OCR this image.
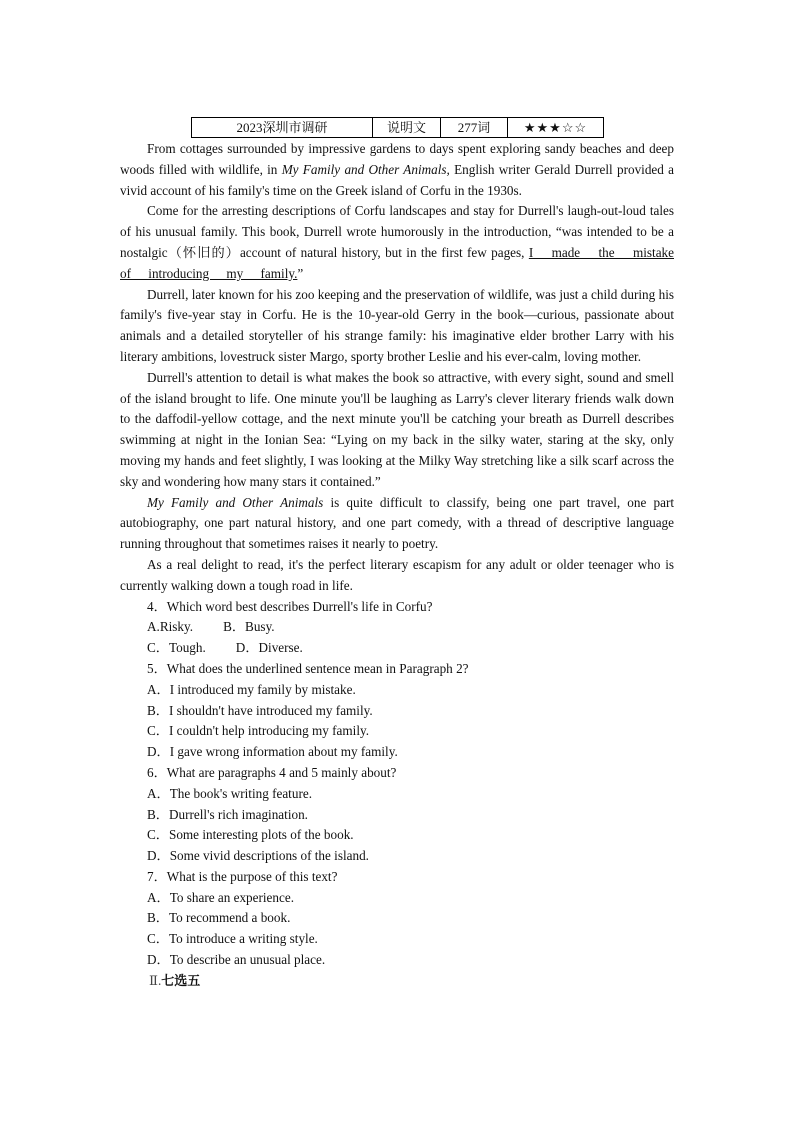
2023深圳市调研	说明文	277词	★★★☆☆

From cottages surrounded by impressive gardens to days spent exploring sandy beaches and deep woods filled with wildlife, in My Family and Other Animals, English writer Gerald Durrell provided a vivid account of his family's time on the Greek island of Corfu in the 1930s.

Come for the arresting descriptions of Corfu landscapes and stay for Durrell's laugh-out-loud tales of his unusual family. This book, Durrell wrote humorously in the introduction, “was intended to be a nostalgic（怀旧的）account of natural history, but in the first few pages, I made the mistake of introducing my family.”

Durrell, later known for his zoo keeping and the preservation of wildlife, was just a child during his family's five-year stay in Corfu. He is the 10-year-old Gerry in the book—curious, passionate about animals and a detailed storyteller of his strange family: his imaginative elder brother Larry with his literary ambitions, lovestruck sister Margo, sporty brother Leslie and his ever-calm, loving mother.

Durrell's attention to detail is what makes the book so attractive, with every sight, sound and smell of the island brought to life. One minute you'll be laughing as Larry's clever literary friends walk down to the daffodil-yellow cottage, and the next minute you'll be catching your breath as Durrell describes swimming at night in the Ionian Sea: “Lying on my back in the silky water, staring at the sky, only moving my hands and feet slightly, I was looking at the Milky Way stretching like a silk scarf across the sky and wondering how many stars it contained.”

My Family and Other Animals is quite difficult to classify, being one part travel, one part autobiography, one part natural history, and one part comedy, with a thread of descriptive language running throughout that sometimes raises it nearly to poetry.

As a real delight to read, it's the perfect literary escapism for any adult or older teenager who is currently walking down a tough road in life.

4．Which word best describes Durrell's life in Corfu?

A.Risky. B．Busy.

C．Tough. D．Diverse.

5．What does the underlined sentence mean in Paragraph 2?

A．I introduced my family by mistake.

B．I shouldn't have introduced my family.

C．I couldn't help introducing my family.

D．I gave wrong information about my family.

6．What are paragraphs 4 and 5 mainly about?

A．The book's writing feature.

B．Durrell's rich imagination.

C．Some interesting plots of the book.

D．Some vivid descriptions of the island.

7．What is the purpose of this text?

A．To share an experience.

B．To recommend a book.

C．To introduce a writing style.

D．To describe an unusual place.

Ⅱ.七选五
